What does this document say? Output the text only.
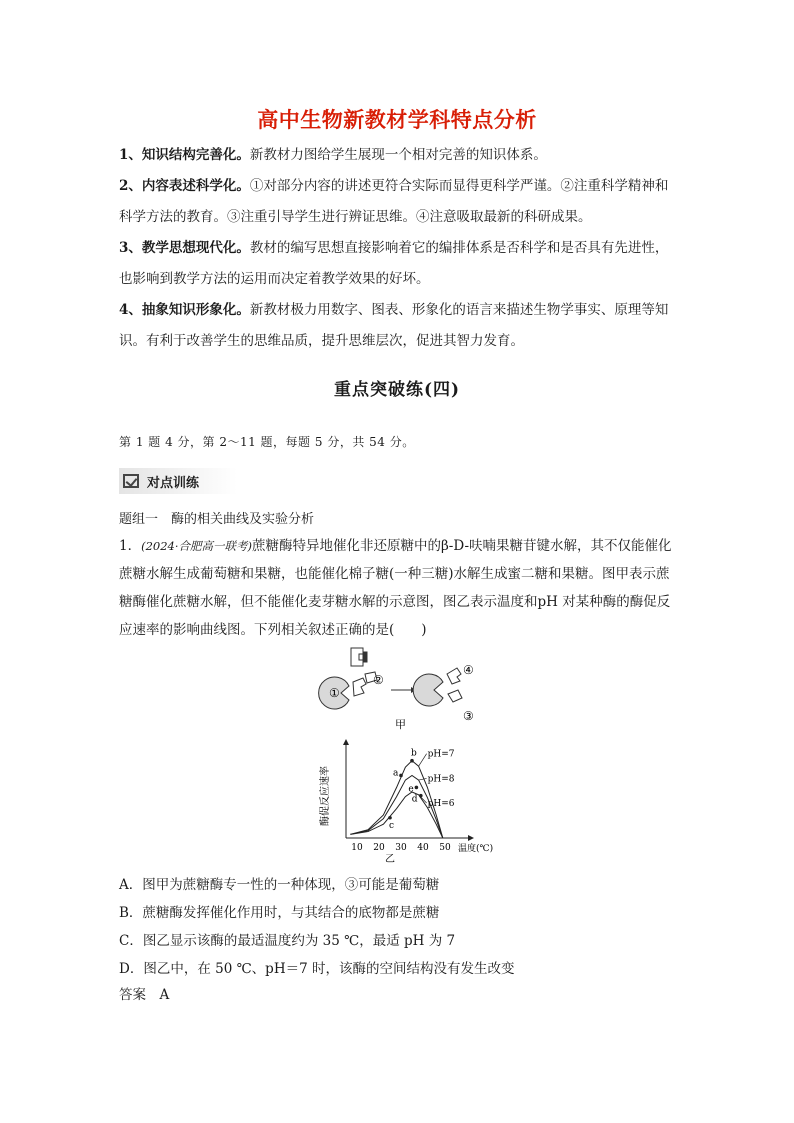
高中生物新教材学科特点分析

1、知识结构完善化。新教材力图给学生展现一个相对完善的知识体系。

2、内容表述科学化。①对部分内容的讲述更符合实际而显得更科学严谨。②注重科学精神和科学方法的教育。③注重引导学生进行辨证思维。④注意吸取最新的科研成果。

3、教学思想现代化。教材的编写思想直接影响着它的编排体系是否科学和是否具有先进性，也影响到教学方法的运用而决定着教学效果的好坏。

4、抽象知识形象化。新教材极力用数字、图表、形象化的语言来描述生物学事实、原理等知识。有利于改善学生的思维品质，提升思维层次，促进其智力发育。

重点突破练(四)
第 1 题 4 分，第 2～11 题，每题 5 分，共 54 分。
对点训练
题组一　酶的相关曲线及实验分析
1．(2024·合肥高一联考)蔗糖酶特异地催化非还原糖中的β-D-呋喃果糖苷键水解，其不仅能催化蔗糖水解生成葡萄糖和果糖，也能催化棉子糖(一种三糖)水解生成蜜二糖和果糖。图甲表示蔗糖酶催化蔗糖水解，但不能催化麦芽糖水解的示意图，图乙表示温度和pH 对某种酶的酶促反应速率的影响曲线图。下列相关叙述正确的是(　　)
①
②
④
③
甲
10 20 30 40 50 温度(℃)
酶促反应速率
乙
pH=7
pH=8
pH=6
a
b
c
d
e

A．图甲为蔗糖酶专一性的一种体现，③可能是葡萄糖

B．蔗糖酶发挥催化作用时，与其结合的底物都是蔗糖

C．图乙显示该酶的最适温度约为 35 ℃，最适 pH 为 7

D．图乙中，在 50 ℃、pH＝7 时，该酶的空间结构没有发生改变

答案　A
